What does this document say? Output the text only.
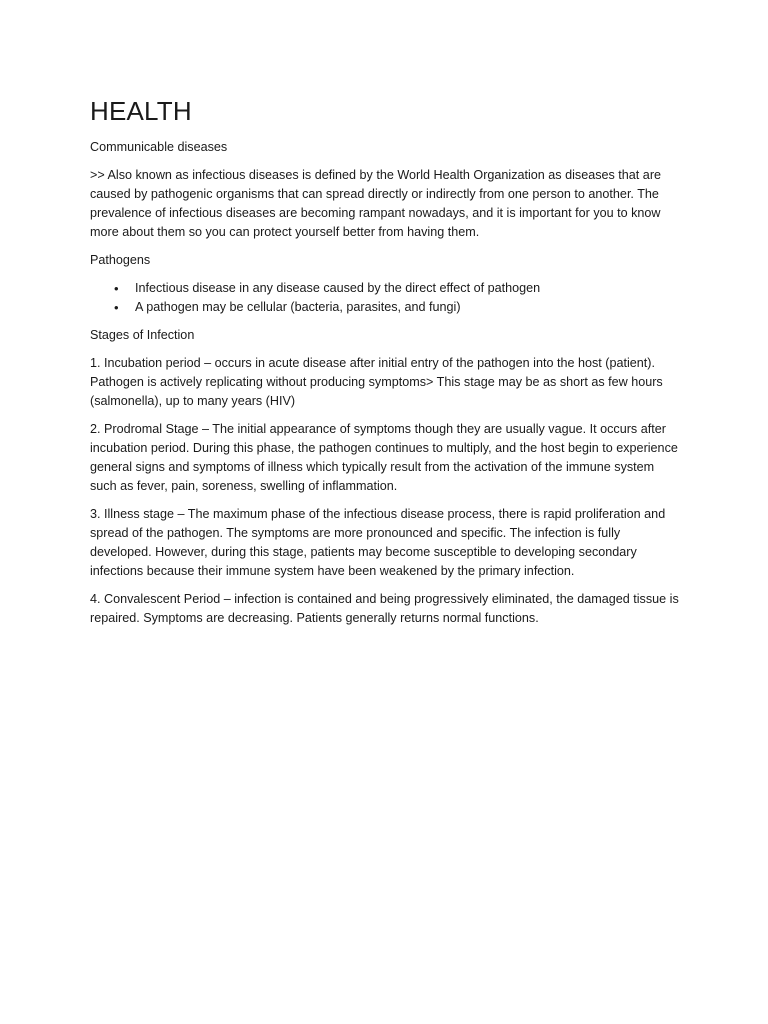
HEALTH

Communicable diseases

>> Also known as infectious diseases is defined by the World Health Organization as diseases that are caused by pathogenic organisms that can spread directly or indirectly from one person to another. The prevalence of infectious diseases are becoming rampant nowadays, and it is important for you to know more about them so you can protect yourself better from having them.

Pathogens

• Infectious disease in any disease caused by the direct effect of pathogen
• A pathogen may be cellular (bacteria, parasites, and fungi)

Stages of Infection

1. Incubation period – occurs in acute disease after initial entry of the pathogen into the host (patient). Pathogen is actively replicating without producing symptoms> This stage may be as short as few hours (salmonella), up to many years (HIV)

2. Prodromal Stage – The initial appearance of symptoms though they are usually vague. It occurs after incubation period. During this phase, the pathogen continues to multiply, and the host begin to experience general signs and symptoms of illness which typically result from the activation of the immune system such as fever, pain, soreness, swelling of inflammation.

3. Illness stage – The maximum phase of the infectious disease process, there is rapid proliferation and spread of the pathogen. The symptoms are more pronounced and specific. The infection is fully developed. However, during this stage, patients may become susceptible to developing secondary infections because their immune system have been weakened by the primary infection.

4. Convalescent Period – infection is contained and being progressively eliminated, the damaged tissue is repaired. Symptoms are decreasing. Patients generally returns normal functions.
